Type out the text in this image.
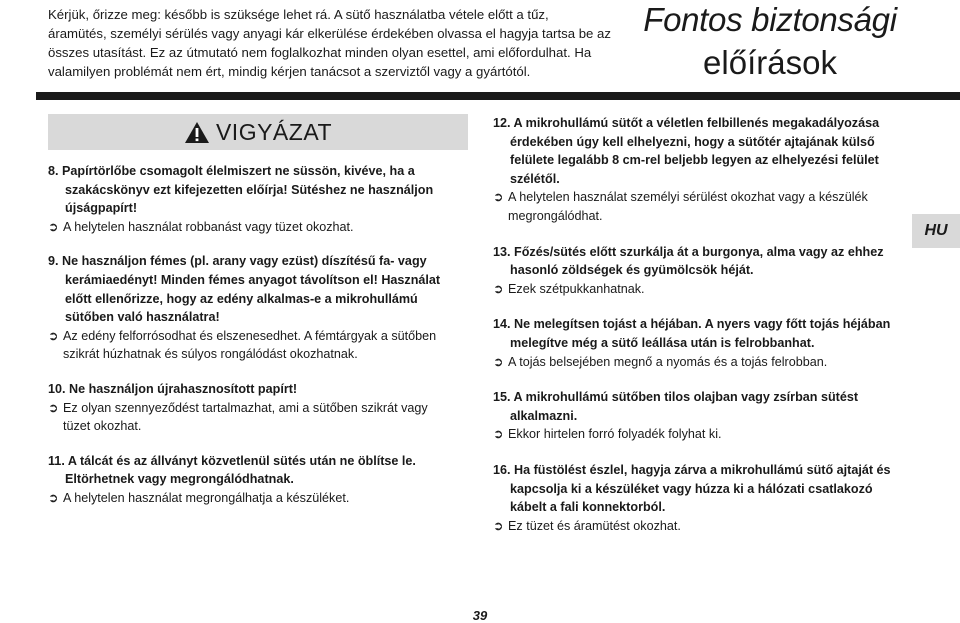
Kérjük, őrizze meg: később is szüksége lehet rá. A sütő használatba vétele előtt a tűz,
áramütés, személyi sérülés vagy anyagi kár elkerülése érdekében olvassa el hagyja tartsa be az
összes utasítást. Ez az útmutató nem foglalkozhat minden olyan esettel, ami előfordulhat. Ha
valamilyen problémát nem ért, mindig kérjen tanácsot a szerviztől vagy a gyártótól.
Fontos biztonsági
előírások
VIGYÁZAT
8. Papírtörlőbe csomagolt élelmiszert ne süssön, kivéve, ha a
szakácskönyv ezt kifejezetten előírja! Sütéshez ne használjon
újságpapírt!
➲ A helytelen használat robbanást vagy tüzet okozhat.
9. Ne használjon fémes (pl. arany vagy ezüst) díszítésű fa- vagy
kerámiaedényt! Minden fémes anyagot távolítson el! Használat
előtt ellenőrizze, hogy az edény alkalmas-e a mikrohullámú
sütőben való használatra!
➲ Az edény felforrósodhat és elszenesedhet. A fémtárgyak a sütőben
szikrát húzhatnak és súlyos rongálódást okozhatnak.
10. Ne használjon újrahasznosított papírt!
➲ Ez olyan szennyeződést tartalmazhat, ami a sütőben szikrát vagy
tüzet okozhat.
11. A tálcát és az állványt közvetlenül sütés után ne öblítse le.
Eltörhetnek vagy megrongálódhatnak.
➲ A helytelen használat megrongálhatja a készüléket.
12. A mikrohullámú sütőt a véletlen felbillenés megakadályozása
érdekében úgy kell elhelyezni, hogy a sütőtér ajtajának külső
felülete legalább 8 cm-rel beljebb legyen az elhelyezési felület
szélétől.
➲ A helytelen használat személyi sérülést okozhat vagy a készülék
megrongálódhat.
13. Főzés/sütés előtt szurkálja át a burgonya, alma vagy az ehhez
hasonló zöldségek és gyümölcsök héját.
➲ Ezek szétpukkanhatnak.
14. Ne melegítsen tojást a héjában. A nyers vagy főtt tojás héjában
melegítve még a sütő leállása után is felrobbanhat.
➲ A tojás belsejében megnő a nyomás és a tojás felrobban.
15. A mikrohullámú sütőben tilos olajban vagy zsírban sütést
alkalmazni.
➲ Ekkor hirtelen forró folyadék folyhat ki.
16. Ha füstölést észlel, hagyja zárva a mikrohullámú sütő ajtaját és
kapcsolja ki a készüléket vagy húzza ki a hálózati csatlakozó
kábelt a fali konnektorból.
➲ Ez tüzet és áramütést okozhat.
HU
39
